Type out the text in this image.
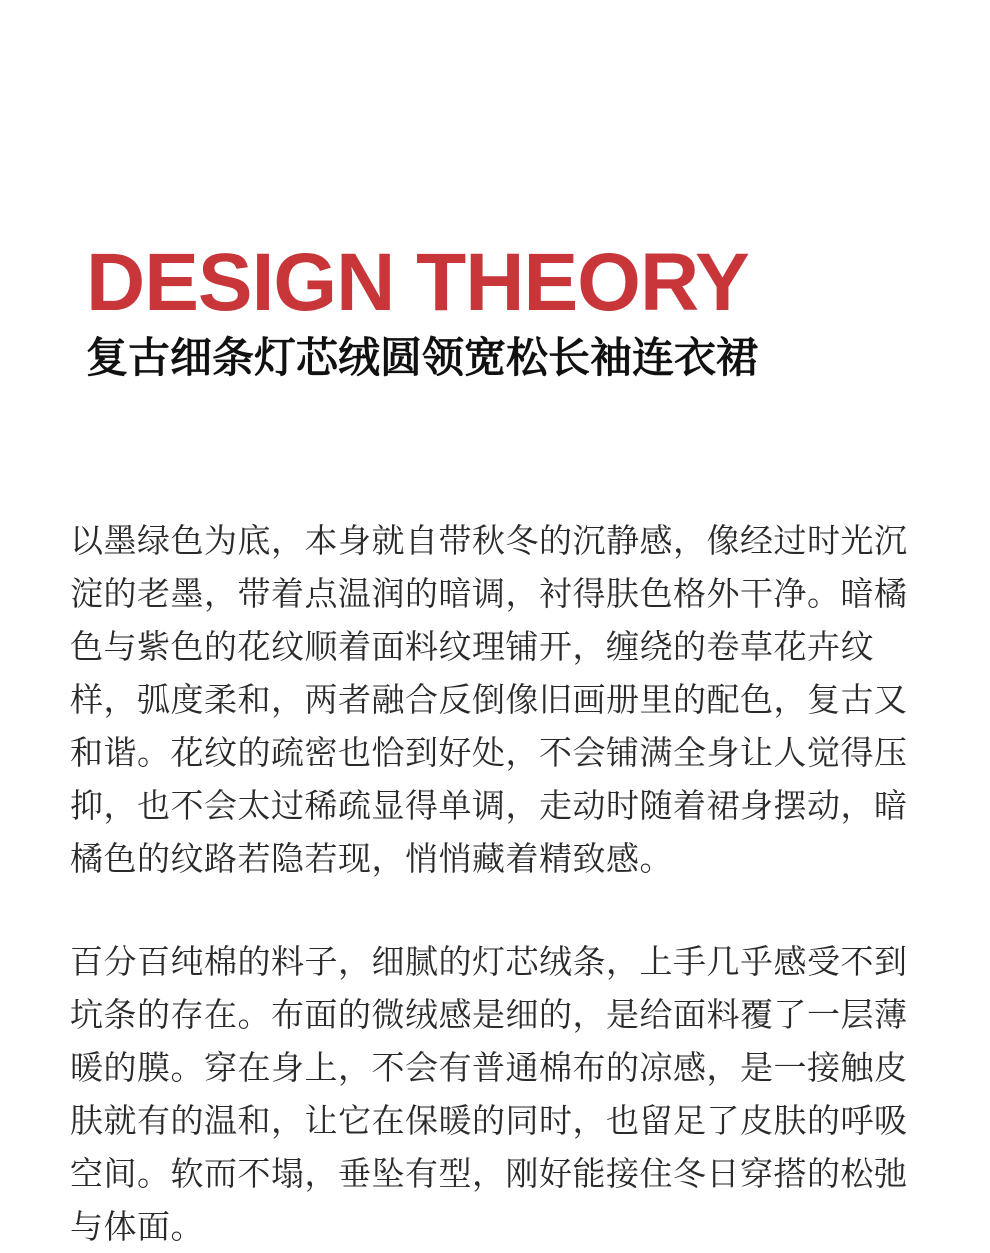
DESIGN THEORY
复古细条灯芯绒圆领宽松长袖连衣裙

以墨绿色为底，本身就自带秋冬的沉静感，像经过时光沉淀的老墨，带着点温润的暗调，衬得肤色格外干净。暗橘色与紫色的花纹顺着面料纹理铺开，缠绕的卷草花卉纹样，弧度柔和，两者融合反倒像旧画册里的配色，复古又和谐。花纹的疏密也恰到好处，不会铺满全身让人觉得压抑，也不会太过稀疏显得单调，走动时随着裙身摆动，暗橘色的纹路若隐若现，悄悄藏着精致感。

百分百纯棉的料子，细腻的灯芯绒条，上手几乎感受不到坑条的存在。布面的微绒感是细的，是给面料覆了一层薄暖的膜。穿在身上，不会有普通棉布的凉感，是一接触皮肤就有的温和，让它在保暖的同时，也留足了皮肤的呼吸空间。软而不塌，垂坠有型，刚好能接住冬日穿搭的松弛与体面。
